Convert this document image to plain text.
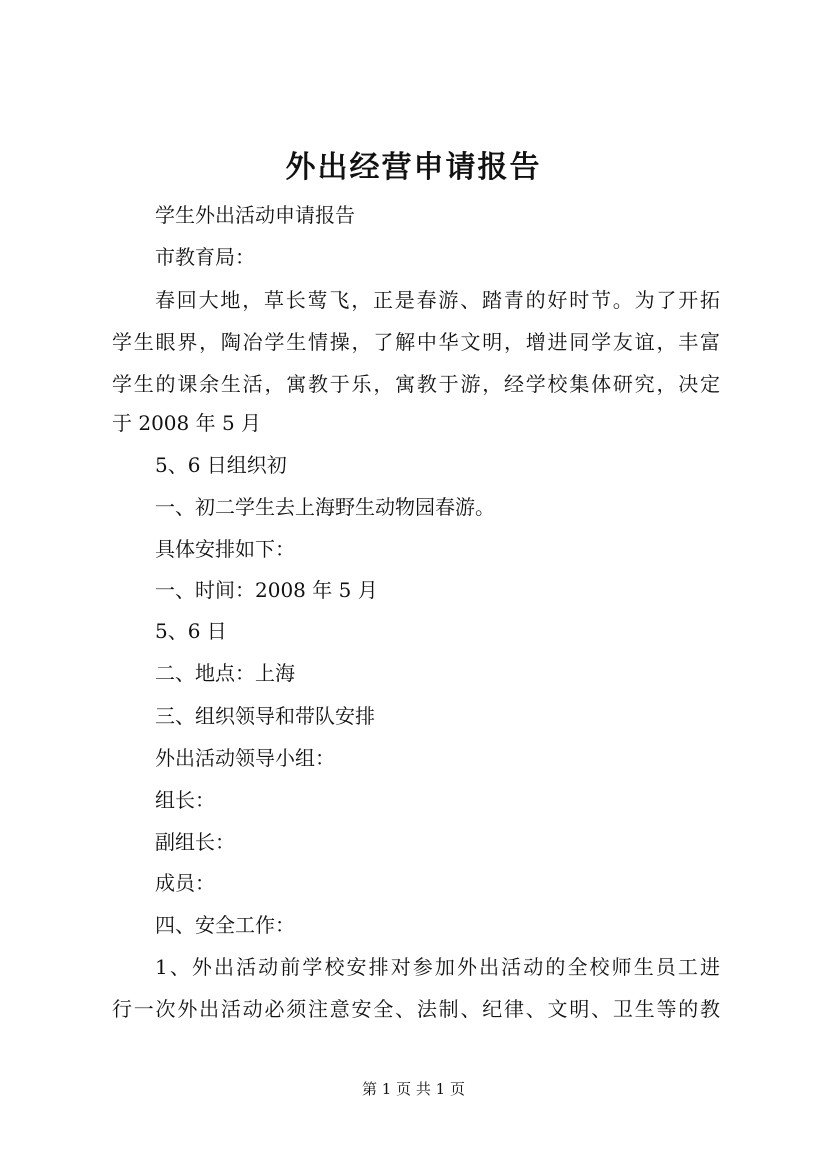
外出经营申请报告
学生外出活动申请报告
市教育局：
春回大地，草长莺飞，正是春游、踏青的好时节。为了开拓
学生眼界，陶冶学生情操，了解中华文明，增进同学友谊，丰富
学生的课余生活，寓教于乐，寓教于游，经学校集体研究，决定
于 2008 年 5 月
5、6 日组织初
一、初二学生去上海野生动物园春游。
具体安排如下：
一、时间：2008 年 5 月
5、6 日
二、地点：上海
三、组织领导和带队安排
外出活动领导小组：
组长：
副组长：
成员：
四、安全工作：
1、外出活动前学校安排对参加外出活动的全校师生员工进
行一次外出活动必须注意安全、法制、纪律、文明、卫生等的教
第 1 页 共 1 页
